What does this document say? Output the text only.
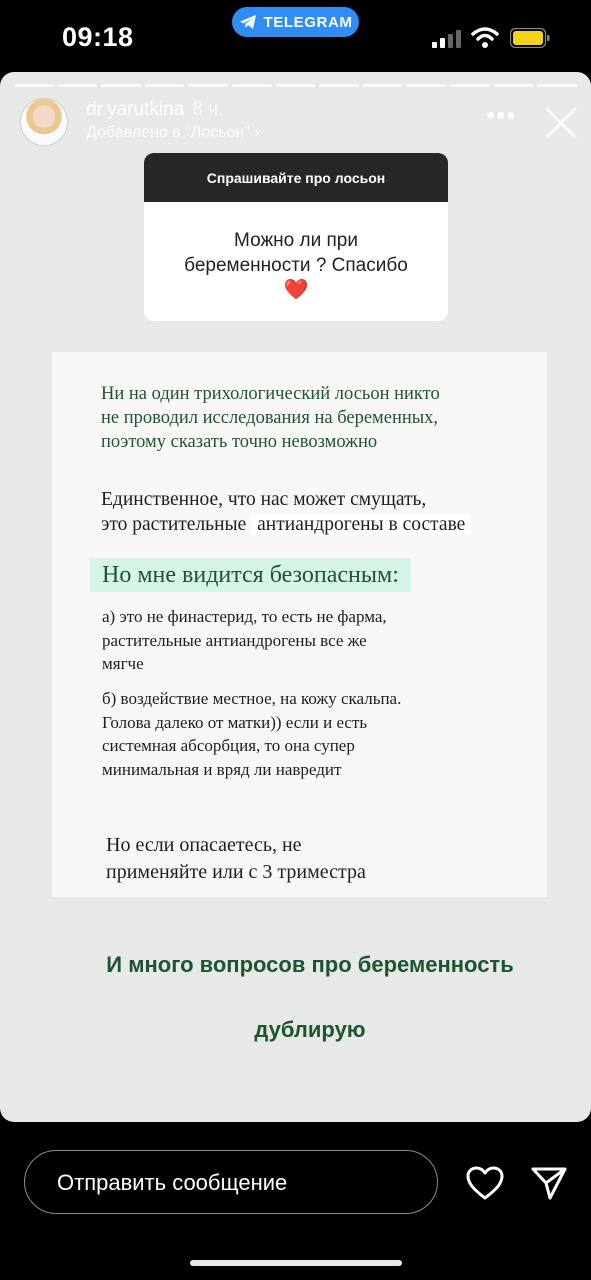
09:18	TELEGRAM
dr.yarutkina 8 ч.
Добавлено в "Лосьон" ›
•••
Спрашивайте про лосьон
Можно ли при
беременности ? Спасибо
❤️
Ни на один трихологический лосьон никто
не проводил исследования на беременных,
поэтому сказать точно невозможно
Единственное, что нас может смущать,
это растительные антиандрогены в составе
Но мне видится безопасным:
а) это не финастерид, то есть не фарма,
растительные антиандрогены все же
мягче
б) воздействие местное, на кожу скальпа.
Голова далеко от матки)) если и есть
системная абсорбция, то она супер
минимальная и вряд ли навредит
Но если опасаетесь, не
применяйте или с 3 триместра
И много вопросов про беременность
дублирую
Отправить сообщение
